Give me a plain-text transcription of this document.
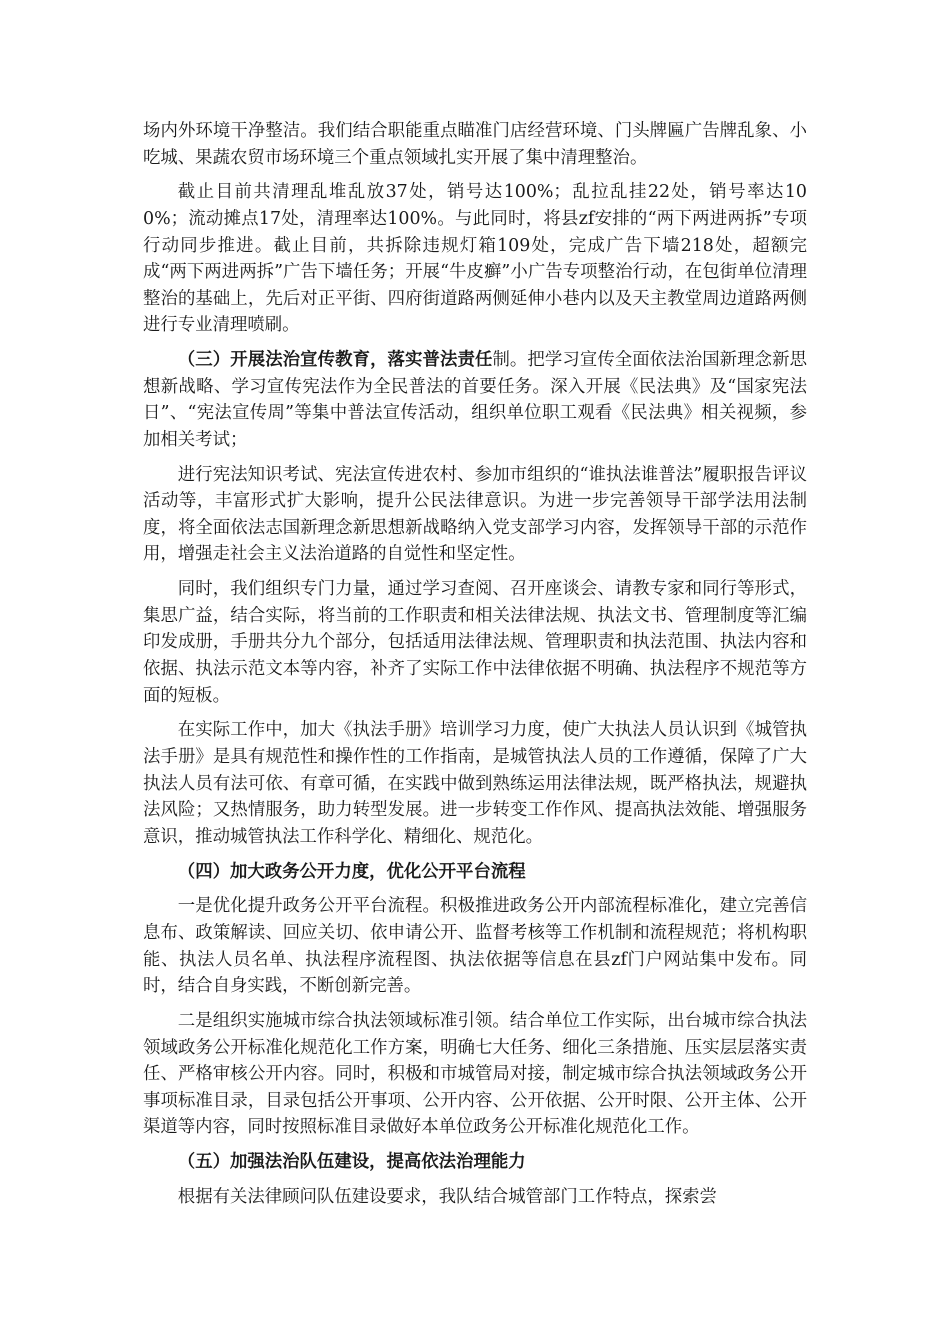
场内外环境干净整洁。我们结合职能重点瞄准门店经营环境、门头牌匾广告牌乱象、小吃城、果蔬农贸市场环境三个重点领域扎实开展了集中清理整治。

截止目前共清理乱堆乱放37处，销号达100%；乱拉乱挂22处，销号率达100%；流动摊点17处，清理率达100%。与此同时，将县zf安排的“两下两进两拆”专项行动同步推进。截止目前，共拆除违规灯箱109处，完成广告下墙218处，超额完成“两下两进两拆”广告下墙任务；开展“牛皮癣”小广告专项整治行动，在包街单位清理整治的基础上，先后对正平街、四府街道路两侧延伸小巷内以及天主教堂周边道路两侧进行专业清理喷刷。

（三）开展法治宣传教育，落实普法责任制。把学习宣传全面依法治国新理念新思想新战略、学习宣传宪法作为全民普法的首要任务。深入开展《民法典》及“国家宪法日”、“宪法宣传周”等集中普法宣传活动，组织单位职工观看《民法典》相关视频，参加相关考试；

进行宪法知识考试、宪法宣传进农村、参加市组织的“谁执法谁普法”履职报告评议活动等，丰富形式扩大影响，提升公民法律意识。为进一步完善领导干部学法用法制度，将全面依法志国新理念新思想新战略纳入党支部学习内容，发挥领导干部的示范作用，增强走社会主义法治道路的自觉性和坚定性。

同时，我们组织专门力量，通过学习查阅、召开座谈会、请教专家和同行等形式，集思广益，结合实际，将当前的工作职责和相关法律法规、执法文书、管理制度等汇编印发成册，手册共分九个部分，包括适用法律法规、管理职责和执法范围、执法内容和依据、执法示范文本等内容，补齐了实际工作中法律依据不明确、执法程序不规范等方面的短板。

在实际工作中，加大《执法手册》培训学习力度，使广大执法人员认识到《城管执法手册》是具有规范性和操作性的工作指南，是城管执法人员的工作遵循，保障了广大执法人员有法可依、有章可循，在实践中做到熟练运用法律法规，既严格执法，规避执法风险；又热情服务，助力转型发展。进一步转变工作作风、提高执法效能、增强服务意识，推动城管执法工作科学化、精细化、规范化。

（四）加大政务公开力度，优化公开平台流程

一是优化提升政务公开平台流程。积极推进政务公开内部流程标准化，建立完善信息布、政策解读、回应关切、依申请公开、监督考核等工作机制和流程规范；将机构职能、执法人员名单、执法程序流程图、执法依据等信息在县zf门户网站集中发布。同时，结合自身实践，不断创新完善。

二是组织实施城市综合执法领域标准引领。结合单位工作实际，出台城市综合执法领域政务公开标准化规范化工作方案，明确七大任务、细化三条措施、压实层层落实责任、严格审核公开内容。同时，积极和市城管局对接，制定城市综合执法领域政务公开事项标准目录，目录包括公开事项、公开内容、公开依据、公开时限、公开主体、公开渠道等内容，同时按照标准目录做好本单位政务公开标准化规范化工作。

（五）加强法治队伍建设，提高依法治理能力

根据有关法律顾问队伍建设要求，我队结合城管部门工作特点，探索尝
